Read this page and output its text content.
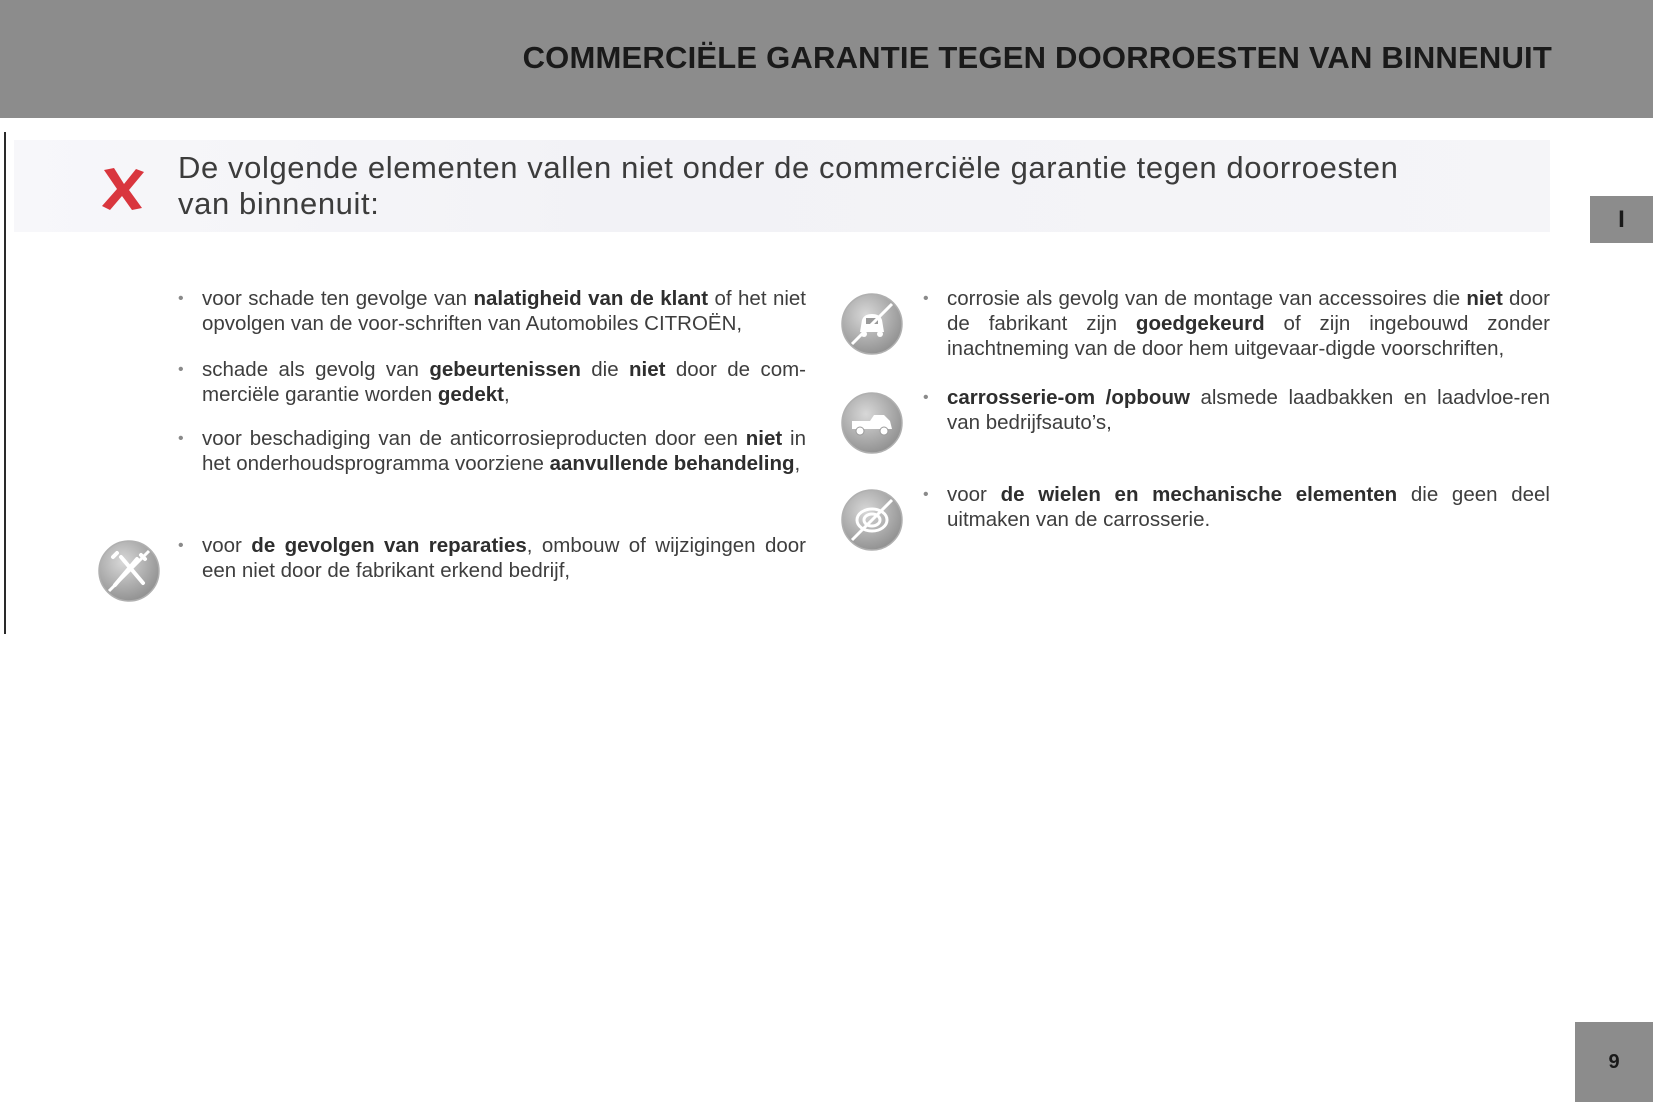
COMMERCIËLE GARANTIE TEGEN DOORROESTEN VAN BINNENUIT
De volgende elementen vallen niet onder de commerciële garantie tegen doorroesten
van binnenuit:
• voor schade ten gevolge van nalatigheid van de klant of het niet opvolgen van de voor-schriften van Automobiles CITROËN,
• schade als gevolg van gebeurtenissen die niet door de com-merciële garantie worden gedekt,
• voor beschadiging van de anticorrosieproducten door een niet in het onderhoudsprogramma voorziene aanvullende behandeling,
• voor de gevolgen van reparaties, ombouw of wijzigingen door een niet door de fabrikant erkend bedrijf,
• corrosie als gevolg van de montage van accessoires die niet door de fabrikant zijn goedgekeurd of zijn ingebouwd zonder inachtneming van de door hem uitgevaar-digde voorschriften,
• carrosserie-om /opbouw alsmede laadbakken en laadvloe-ren van bedrijfsauto’s,
• voor de wielen en mechanische elementen die geen deel uitmaken van de carrosserie.
I
9
